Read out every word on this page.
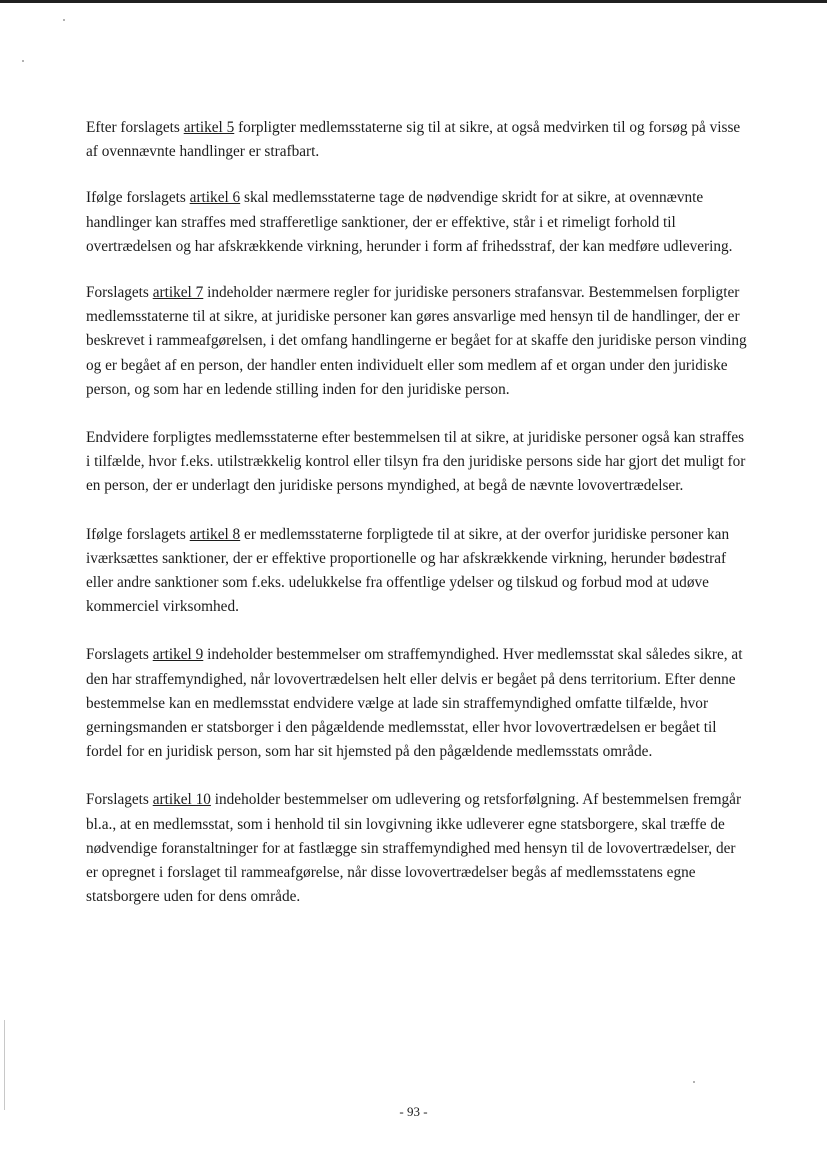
Efter forslagets artikel 5 forpligter medlemsstaterne sig til at sikre, at også medvirken til og forsøg på visse af ovennævnte handlinger er strafbart.

Ifølge forslagets artikel 6 skal medlemsstaterne tage de nødvendige skridt for at sikre, at ovennævnte handlinger kan straffes med strafferetlige sanktioner, der er effektive, står i et rimeligt forhold til overtrædelsen og har afskrækkende virkning, herunder i form af frihedsstraf, der kan medføre udlevering.

Forslagets artikel 7 indeholder nærmere regler for juridiske personers strafansvar. Bestemmelsen forpligter medlemsstaterne til at sikre, at juridiske personer kan gøres ansvarlige med hensyn til de handlinger, der er beskrevet i rammeafgørelsen, i det omfang handlingerne er begået for at skaffe den juridiske person vinding og er begået af en person, der handler enten individuelt eller som medlem af et organ under den juridiske person, og som har en ledende stilling inden for den juridiske person.

Endvidere forpligtes medlemsstaterne efter bestemmelsen til at sikre, at juridiske personer også kan straffes i tilfælde, hvor f.eks. utilstrækkelig kontrol eller tilsyn fra den juridiske persons side har gjort det muligt for en person, der er underlagt den juridiske persons myndighed, at begå de nævnte lovovertrædelser.

Ifølge forslagets artikel 8 er medlemsstaterne forpligtede til at sikre, at der overfor juridiske personer kan iværksættes sanktioner, der er effektive proportionelle og har afskrækkende virkning, herunder bødestraf eller andre sanktioner som f.eks. udelukkelse fra offentlige ydelser og tilskud og forbud mod at udøve kommerciel virksomhed.

Forslagets artikel 9 indeholder bestemmelser om straffemyndighed. Hver medlemsstat skal således sikre, at den har straffemyndighed, når lovovertrædelsen helt eller delvis er begået på dens territorium. Efter denne bestemmelse kan en medlemsstat endvidere vælge at lade sin straffemyndighed omfatte tilfælde, hvor gerningsmanden er statsborger i den pågældende medlemsstat, eller hvor lovovertrædelsen er begået til fordel for en juridisk person, som har sit hjemsted på den pågældende medlemsstats område.

Forslagets artikel 10 indeholder bestemmelser om udlevering og retsforfølgning. Af bestemmelsen fremgår bl.a., at en medlemsstat, som i henhold til sin lovgivning ikke udleverer egne statsborgere, skal træffe de nødvendige foranstaltninger for at fastlægge sin straffemyndighed med hensyn til de lovovertrædelser, der er opregnet i forslaget til rammeafgørelse, når disse lovovertrædelser begås af medlemsstatens egne statsborgere uden for dens område.

- 93 -
